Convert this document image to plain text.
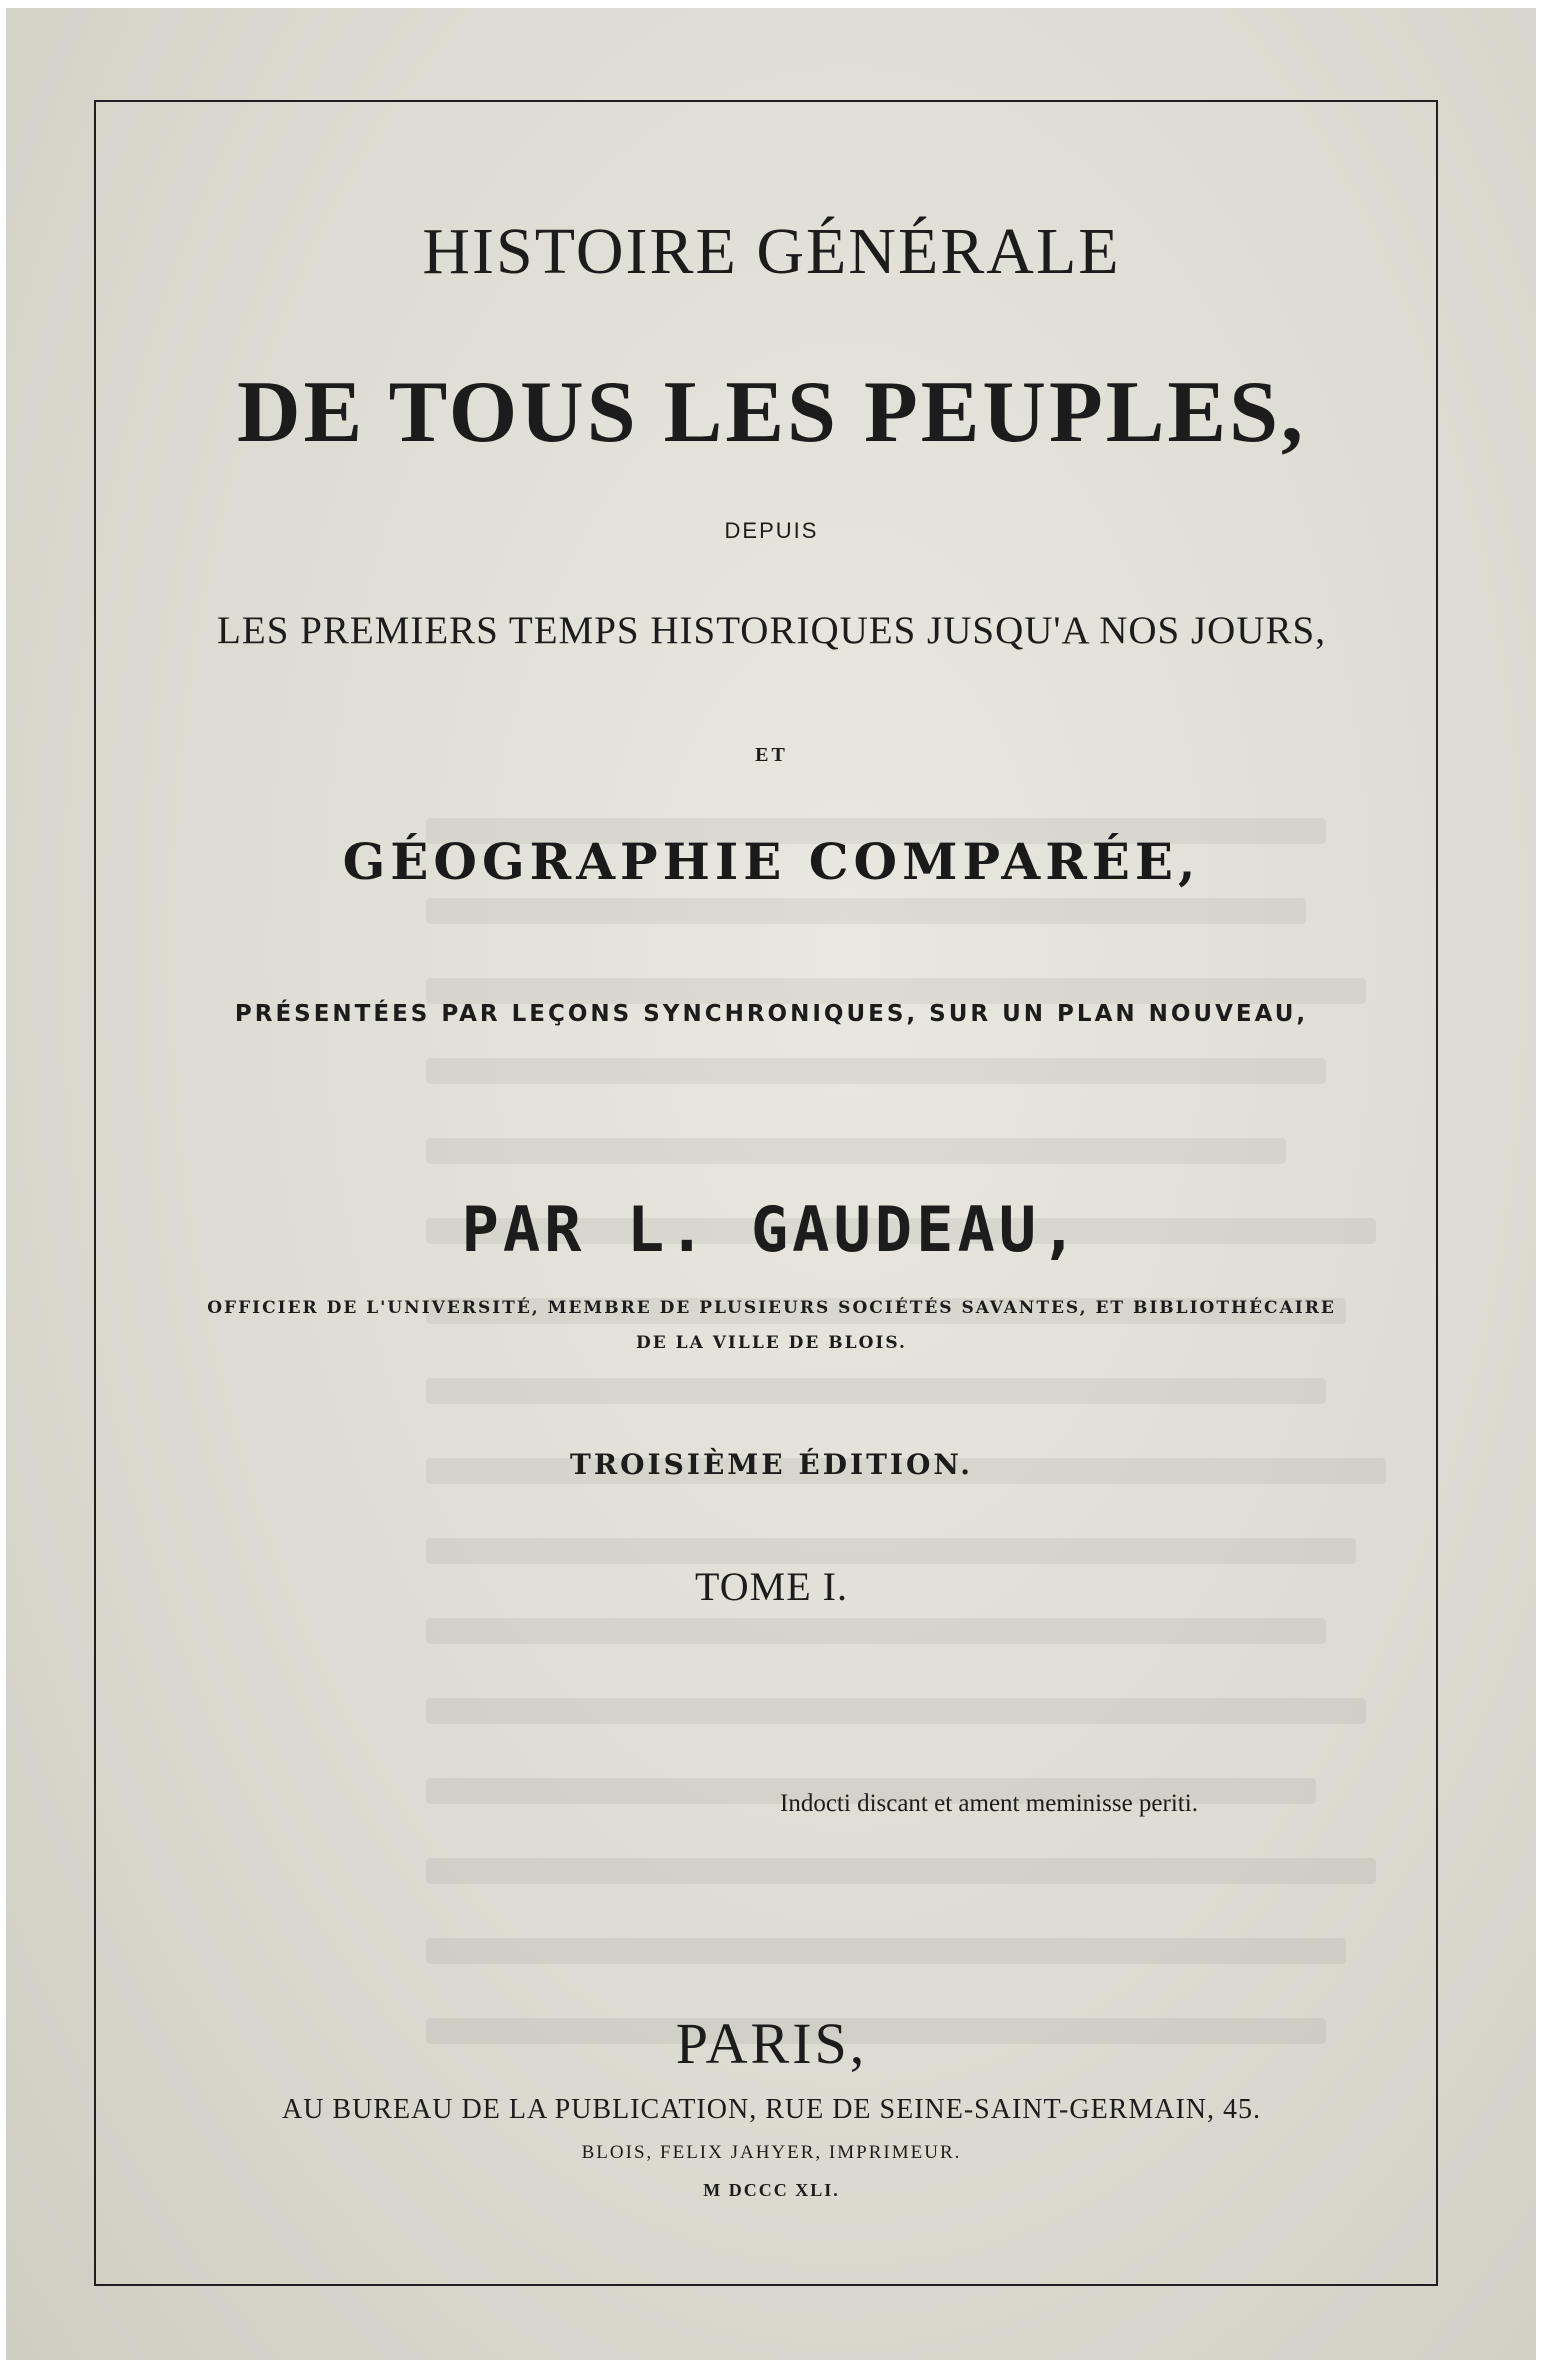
HISTOIRE GÉNÉRALE
DE TOUS LES PEUPLES,
DEPUIS
LES PREMIERS TEMPS HISTORIQUES JUSQU'A NOS JOURS,
ET
GÉOGRAPHIE COMPARÉE,
PRÉSENTÉES PAR LEÇONS SYNCHRONIQUES, SUR UN PLAN NOUVEAU,
PAR L. GAUDEAU,
OFFICIER DE L'UNIVERSITÉ, MEMBRE DE PLUSIEURS SOCIÉTÉS SAVANTES, ET BIBLIOTHÉCAIRE
DE LA VILLE DE BLOIS.
TROISIÈME ÉDITION.
TOME I.
Indocti discant et ament meminisse periti.
PARIS,
AU BUREAU DE LA PUBLICATION, RUE DE SEINE-SAINT-GERMAIN, 45.
BLOIS, FELIX JAHYER, IMPRIMEUR.
M DCCC XLI.
